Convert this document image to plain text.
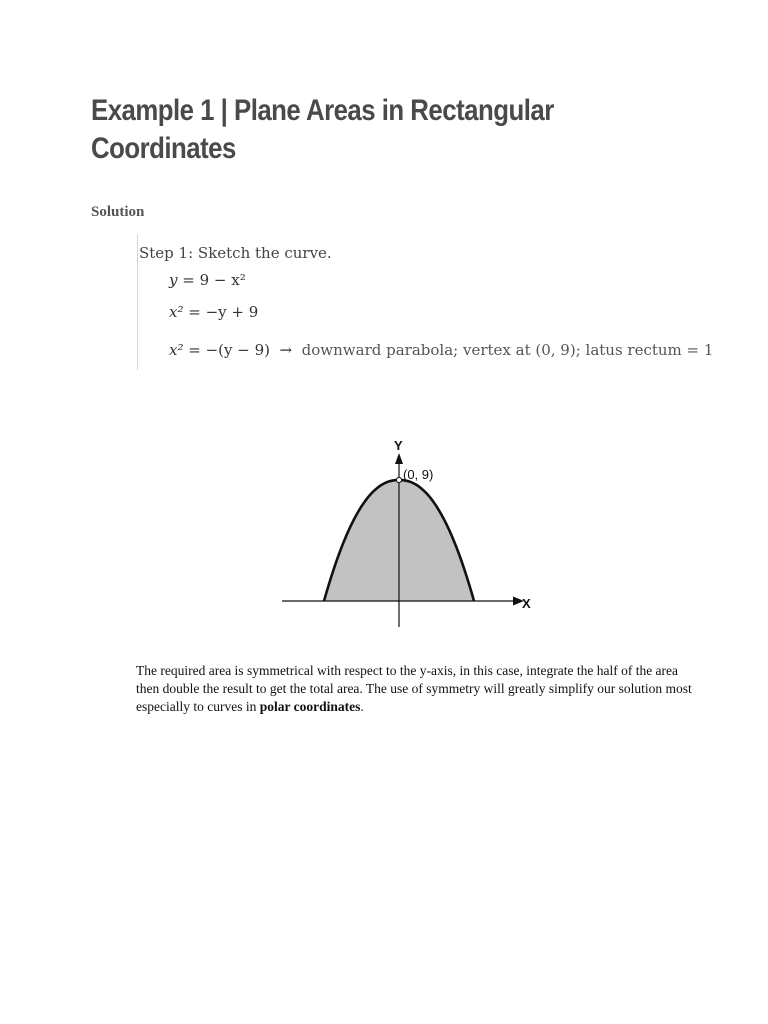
Example 1 | Plane Areas in Rectangular Coordinates
Solution
Step 1: Sketch the curve.
y = 9 − x²
x² = −y + 9
x² = −(y − 9) → downward parabola; vertex at (0, 9); latus rectum = 1
Y
X
(0, 9)
The required area is symmetrical with respect to the y-axis, in this case, integrate the half of the area then double the result to get the total area. The use of symmetry will greatly simplify our solution most especially to curves in polar coordinates.
